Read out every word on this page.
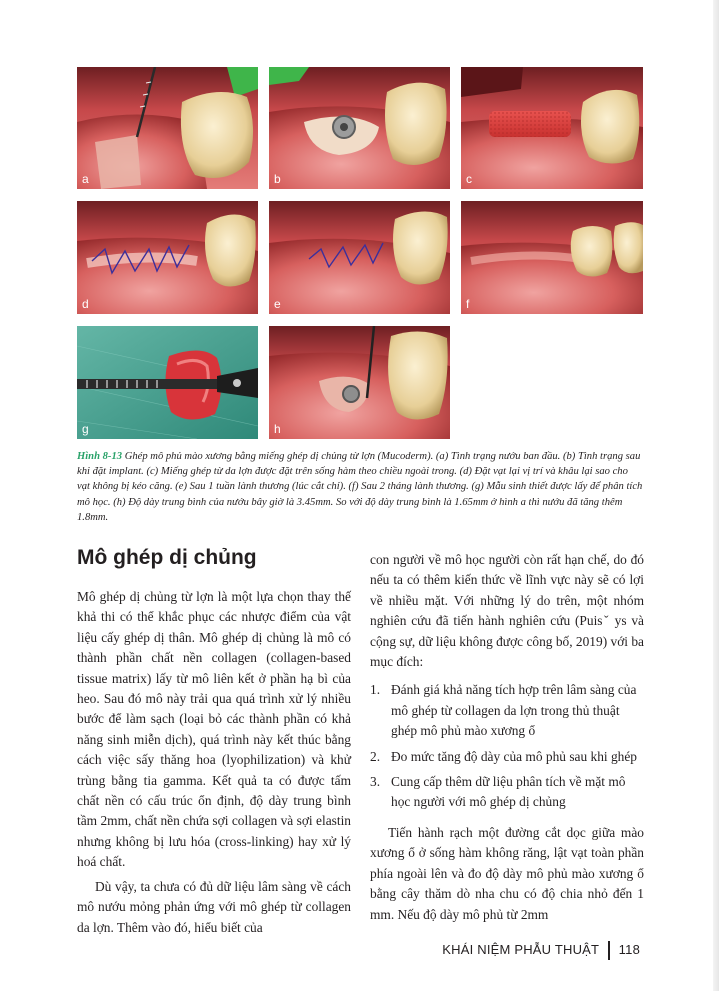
a	b	c
d	e	f
g	h
Hình 8-13 Ghép mô phủ mào xương bằng miếng ghép dị chủng từ lợn (Mucoderm). (a) Tình trạng nướu ban đầu. (b) Tình trạng sau khi đặt implant. (c) Miếng ghép từ da lợn được đặt trên sống hàm theo chiều ngoài trong. (d) Đặt vạt lại vị trí và khâu lại sao cho vạt không bị kéo căng. (e) Sau 1 tuần lành thương (lúc cắt chỉ). (f) Sau 2 tháng lành thương. (g) Mẫu sinh thiết được lấy để phân tích mô học. (h) Độ dày trung bình của nướu bây giờ là 3.45mm. So với độ dày trung bình là 1.65mm ở hình a thì nướu đã tăng thêm 1.8mm.
Mô ghép dị chủng

Mô ghép dị chủng từ lợn là một lựa chọn thay thế khả thi có thể khắc phục các nhược điểm của vật liệu cấy ghép dị thân. Mô ghép dị chủng là mô có thành phần chất nền collagen (collagen-based tissue matrix) lấy từ mô liên kết ở phần hạ bì của heo. Sau đó mô này trải qua quá trình xử lý nhiều bước để làm sạch (loại bỏ các thành phần có khả năng sinh miễn dịch), quá trình này kết thúc bằng cách việc sấy thăng hoa (lyophilization) và khử trùng bằng tia gamma. Kết quả ta có được tấm chất nền có cấu trúc ổn định, độ dày trung bình tầm 2mm, chất nền chứa sợi collagen và sợi elastin nhưng không bị lưu hóa (cross-linking) hay xử lý hoá chất.

Dù vậy, ta chưa có đủ dữ liệu lâm sàng về cách mô nướu mỏng phản ứng với mô ghép từ collagen da lợn. Thêm vào đó, hiểu biết của

con người về mô học người còn rất hạn chế, do đó nếu ta có thêm kiến thức về lĩnh vực này sẽ có lợi về nhiều mặt. Với những lý do trên, một nhóm nghiên cứu đã tiến hành nghiên cứu (Puisˇ ys và cộng sự, dữ liệu không được công bố, 2019) với ba mục đích:

1. Đánh giá khả năng tích hợp trên lâm sàng của mô ghép từ collagen da lợn trong thủ thuật ghép mô phủ mào xương ổ
2. Đo mức tăng độ dày của mô phủ sau khi ghép
3. Cung cấp thêm dữ liệu phân tích về mặt mô học người với mô ghép dị chủng

Tiến hành rạch một đường cắt dọc giữa mào xương ổ ở sống hàm không răng, lật vạt toàn phần phía ngoài lên và đo độ dày mô phủ mào xương ổ bằng cây thăm dò nha chu có độ chia nhỏ đến 1 mm. Nếu độ dày mô phủ từ 2mm

KHÁI NIỆM PHẪU THUẬT 118
